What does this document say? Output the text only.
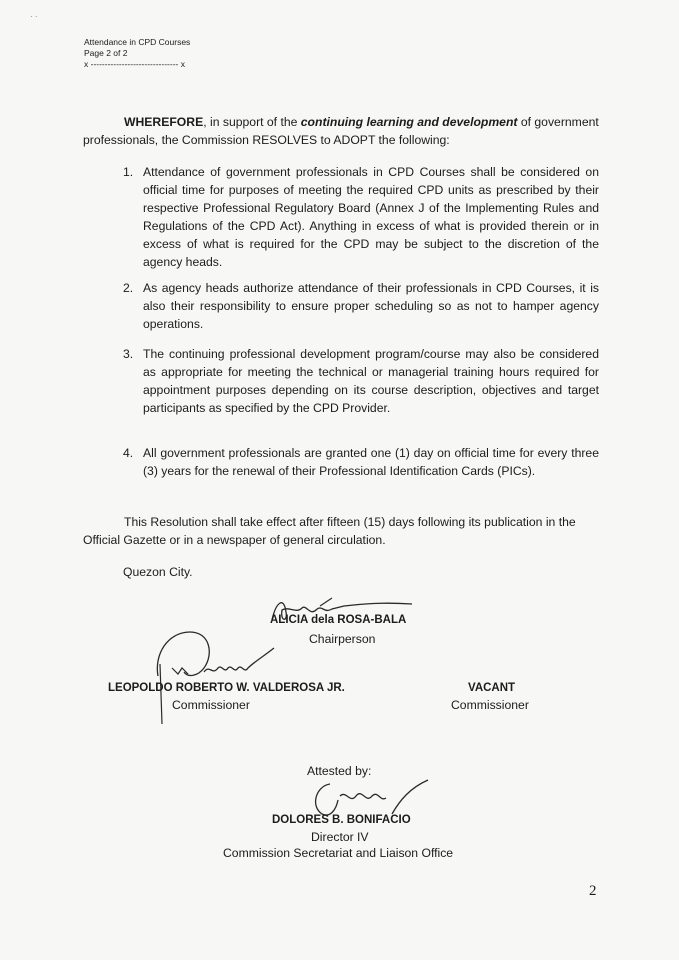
· ·
Attendance in CPD Courses
Page 2 of 2
x ------------------------------- x
WHEREFORE, in support of the continuing learning and development of government professionals, the Commission RESOLVES to ADOPT the following:
1. Attendance of government professionals in CPD Courses shall be considered on official time for purposes of meeting the required CPD units as prescribed by their respective Professional Regulatory Board (Annex J of the Implementing Rules and Regulations of the CPD Act). Anything in excess of what is provided therein or in excess of what is required for the CPD may be subject to the discretion of the agency heads.
2. As agency heads authorize attendance of their professionals in CPD Courses, it is also their responsibility to ensure proper scheduling so as not to hamper agency operations.
3. The continuing professional development program/course may also be considered as appropriate for meeting the technical or managerial training hours required for appointment purposes depending on its course description, objectives and target participants as specified by the CPD Provider.
4. All government professionals are granted one (1) day on official time for every three (3) years for the renewal of their Professional Identification Cards (PICs).
This Resolution shall take effect after fifteen (15) days following its publication in the Official Gazette or in a newspaper of general circulation.
Quezon City.
ALICIA dela ROSA-BALA
Chairperson
LEOPOLDO ROBERTO W. VALDEROSA JR.
Commissioner
VACANT
Commissioner
Attested by:
DOLORES B. BONIFACIO
Director IV
Commission Secretariat and Liaison Office
2
